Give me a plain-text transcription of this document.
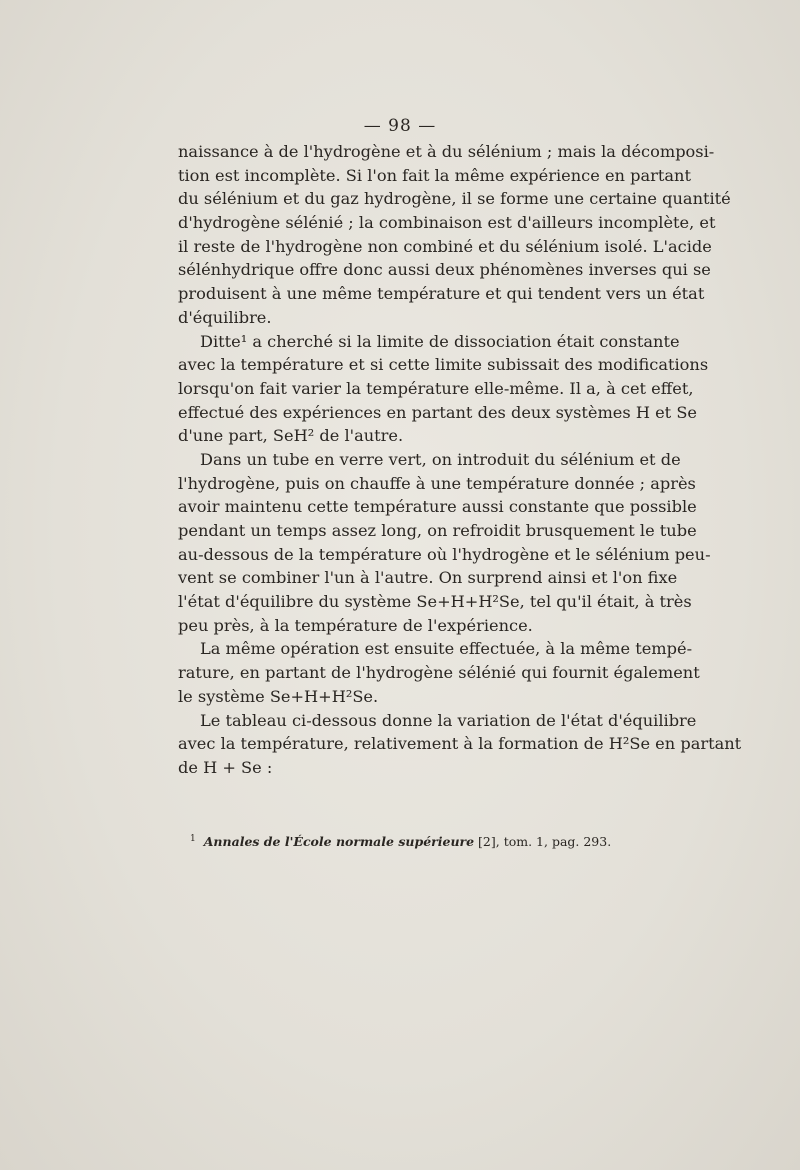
— 98 —
naissance à de l'hydrogène et à du sélénium ; mais la décomposi-
tion est incomplète. Si l'on fait la même expérience en partant
du sélénium et du gaz hydrogène, il se forme une certaine quantité
d'hydrogène sélénié ; la combinaison est d'ailleurs incomplète, et
il reste de l'hydrogène non combiné et du sélénium isolé. L'acide
sélénhydrique offre donc aussi deux phénomènes inverses qui se
produisent à une même température et qui tendent vers un état
d'équilibre.
Ditte¹ a cherché si la limite de dissociation était constante
avec la température et si cette limite subissait des modifications
lorsqu'on fait varier la température elle-même. Il a, à cet effet,
effectué des expériences en partant des deux systèmes H et Se
d'une part, SeH² de l'autre.
Dans un tube en verre vert, on introduit du sélénium et de
l'hydrogène, puis on chauffe à une température donnée ; après
avoir maintenu cette température aussi constante que possible
pendant un temps assez long, on refroidit brusquement le tube
au-dessous de la température où l'hydrogène et le sélénium peu-
vent se combiner l'un à l'autre. On surprend ainsi et l'on fixe
l'état d'équilibre du système Se+H+H²Se, tel qu'il était, à très
peu près, à la température de l'expérience.
La même opération est ensuite effectuée, à la même tempé-
rature, en partant de l'hydrogène sélénié qui fournit également
le système Se+H+H²Se.
Le tableau ci-dessous donne la variation de l'état d'équilibre
avec la température, relativement à la formation de H²Se en partant
de H + Se :
$^1$ Annales de l'École normale supérieure [2], tom. 1, pag. 293.
